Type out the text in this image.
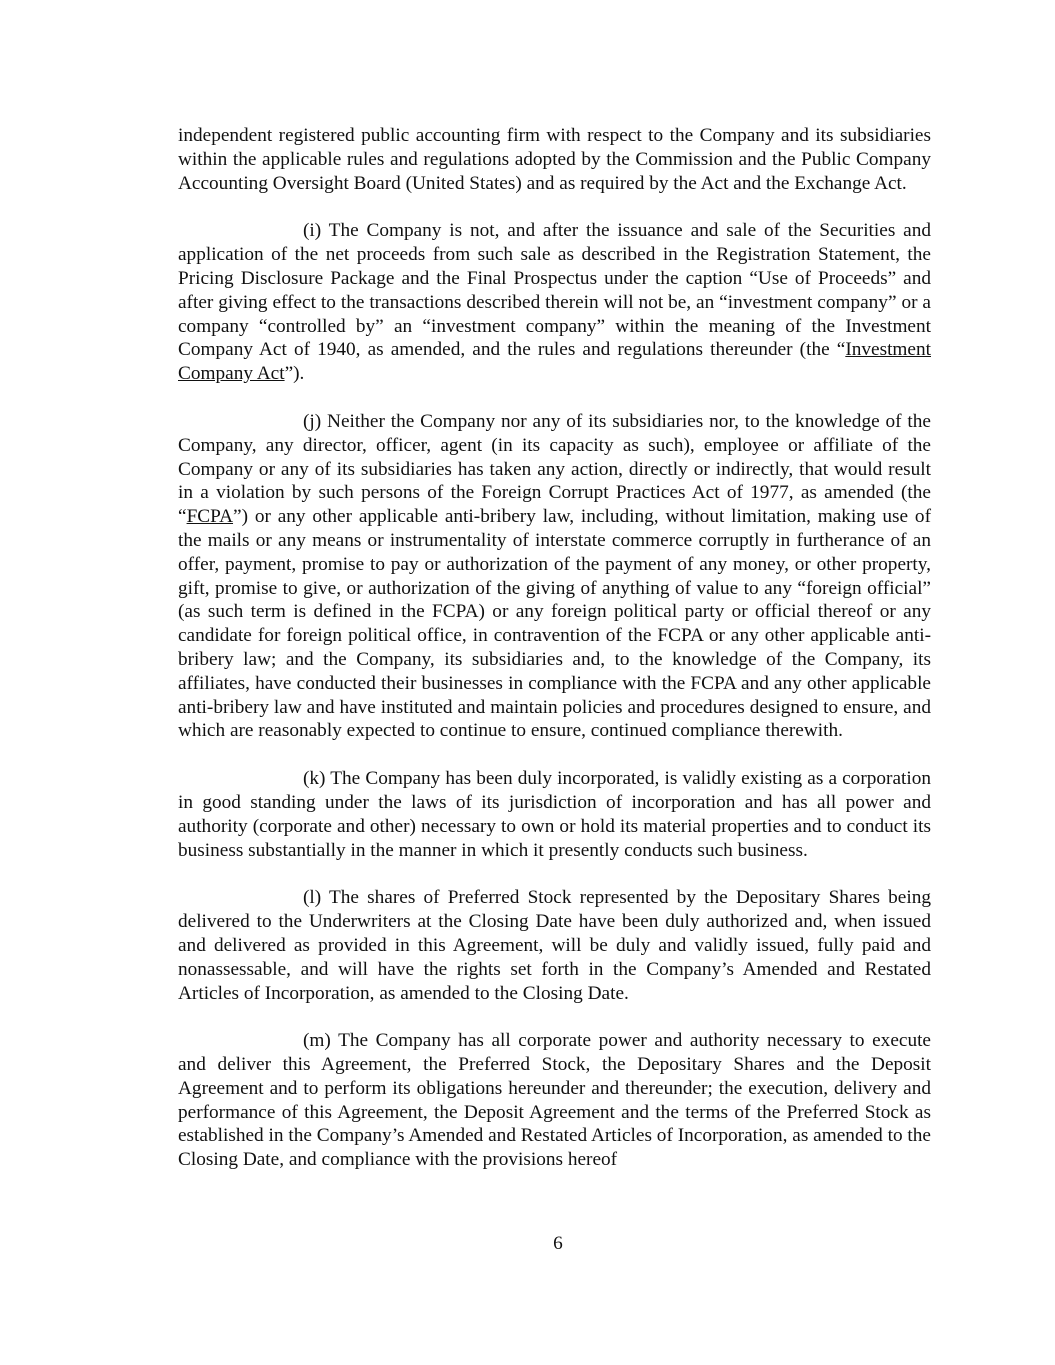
independent registered public accounting firm with respect to the Company and its subsidiaries within the applicable rules and regulations adopted by the Commission and the Public Company Accounting Oversight Board (United States) and as required by the Act and the Exchange Act.

(i) The Company is not, and after the issuance and sale of the Securities and application of the net proceeds from such sale as described in the Registration Statement, the Pricing Disclosure Package and the Final Prospectus under the caption “Use of Proceeds” and after giving effect to the transactions described therein will not be, an “investment company” or a company “controlled by” an “investment company” within the meaning of the Investment Company Act of 1940, as amended, and the rules and regulations thereunder (the “Investment Company Act”).

(j) Neither the Company nor any of its subsidiaries nor, to the knowledge of the Company, any director, officer, agent (in its capacity as such), employee or affiliate of the Company or any of its subsidiaries has taken any action, directly or indirectly, that would result in a violation by such persons of the Foreign Corrupt Practices Act of 1977, as amended (the “FCPA”) or any other applicable anti-bribery law, including, without limitation, making use of the mails or any means or instrumentality of interstate commerce corruptly in furtherance of an offer, payment, promise to pay or authorization of the payment of any money, or other property, gift, promise to give, or authorization of the giving of anything of value to any “foreign official” (as such term is defined in the FCPA) or any foreign political party or official thereof or any candidate for foreign political office, in contravention of the FCPA or any other applicable anti-bribery law; and the Company, its subsidiaries and, to the knowledge of the Company, its affiliates, have conducted their businesses in compliance with the FCPA and any other applicable anti-bribery law and have instituted and maintain policies and procedures designed to ensure, and which are reasonably expected to continue to ensure, continued compliance therewith.

(k) The Company has been duly incorporated, is validly existing as a corporation in good standing under the laws of its jurisdiction of incorporation and has all power and authority (corporate and other) necessary to own or hold its material properties and to conduct its business substantially in the manner in which it presently conducts such business.

(l) The shares of Preferred Stock represented by the Depositary Shares being delivered to the Underwriters at the Closing Date have been duly authorized and, when issued and delivered as provided in this Agreement, will be duly and validly issued, fully paid and nonassessable, and will have the rights set forth in the Company’s Amended and Restated Articles of Incorporation, as amended to the Closing Date.

(m) The Company has all corporate power and authority necessary to execute and deliver this Agreement, the Preferred Stock, the Depositary Shares and the Deposit Agreement and to perform its obligations hereunder and thereunder; the execution, delivery and performance of this Agreement, the Deposit Agreement and the terms of the Preferred Stock as established in the Company’s Amended and Restated Articles of Incorporation, as amended to the Closing Date, and compliance with the provisions hereof

6
